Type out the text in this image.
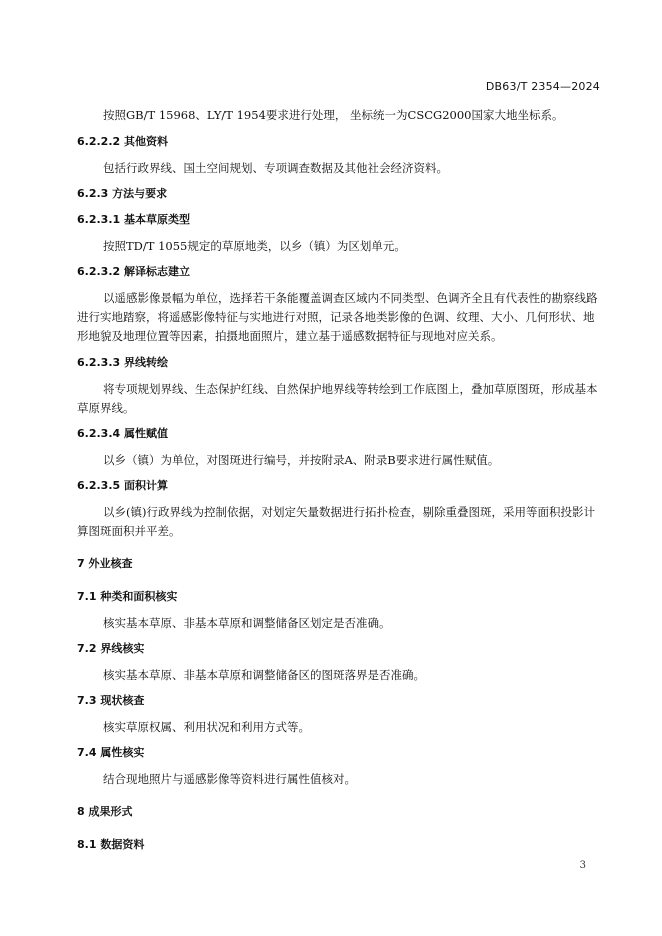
DB63/T 2354—2024
按照GB/T 15968、LY/T 1954要求进行处理， 坐标统一为CSCG2000国家大地坐标系。
6.2.2.2 其他资料
包括行政界线、国土空间规划、专项调查数据及其他社会经济资料。
6.2.3 方法与要求
6.2.3.1 基本草原类型
按照TD/T 1055规定的草原地类，以乡（镇）为区划单元。
6.2.3.2 解译标志建立
以遥感影像景幅为单位，选择若干条能覆盖调查区域内不同类型、色调齐全且有代表性的勘察线路
进行实地踏察，将遥感影像特征与实地进行对照，记录各地类影像的色调、纹理、大小、几何形状、地
形地貌及地理位置等因素，拍摄地面照片，建立基于遥感数据特征与现地对应关系。
6.2.3.3 界线转绘
将专项规划界线、生态保护红线、自然保护地界线等转绘到工作底图上，叠加草原图斑，形成基本
草原界线。
6.2.3.4 属性赋值
以乡（镇）为单位，对图斑进行编号，并按附录A、附录B要求进行属性赋值。
6.2.3.5 面积计算
以乡(镇)行政界线为控制依据，对划定矢量数据进行拓扑检查，剔除重叠图斑，采用等面积投影计
算图斑面积并平差。
7 外业核查
7.1 种类和面积核实
核实基本草原、非基本草原和调整储备区划定是否准确。
7.2 界线核实
核实基本草原、非基本草原和调整储备区的图斑落界是否准确。
7.3 现状核查
核实草原权属、利用状况和利用方式等。
7.4 属性核实
结合现地照片与遥感影像等资料进行属性值核对。
8 成果形式
8.1 数据资料
3
